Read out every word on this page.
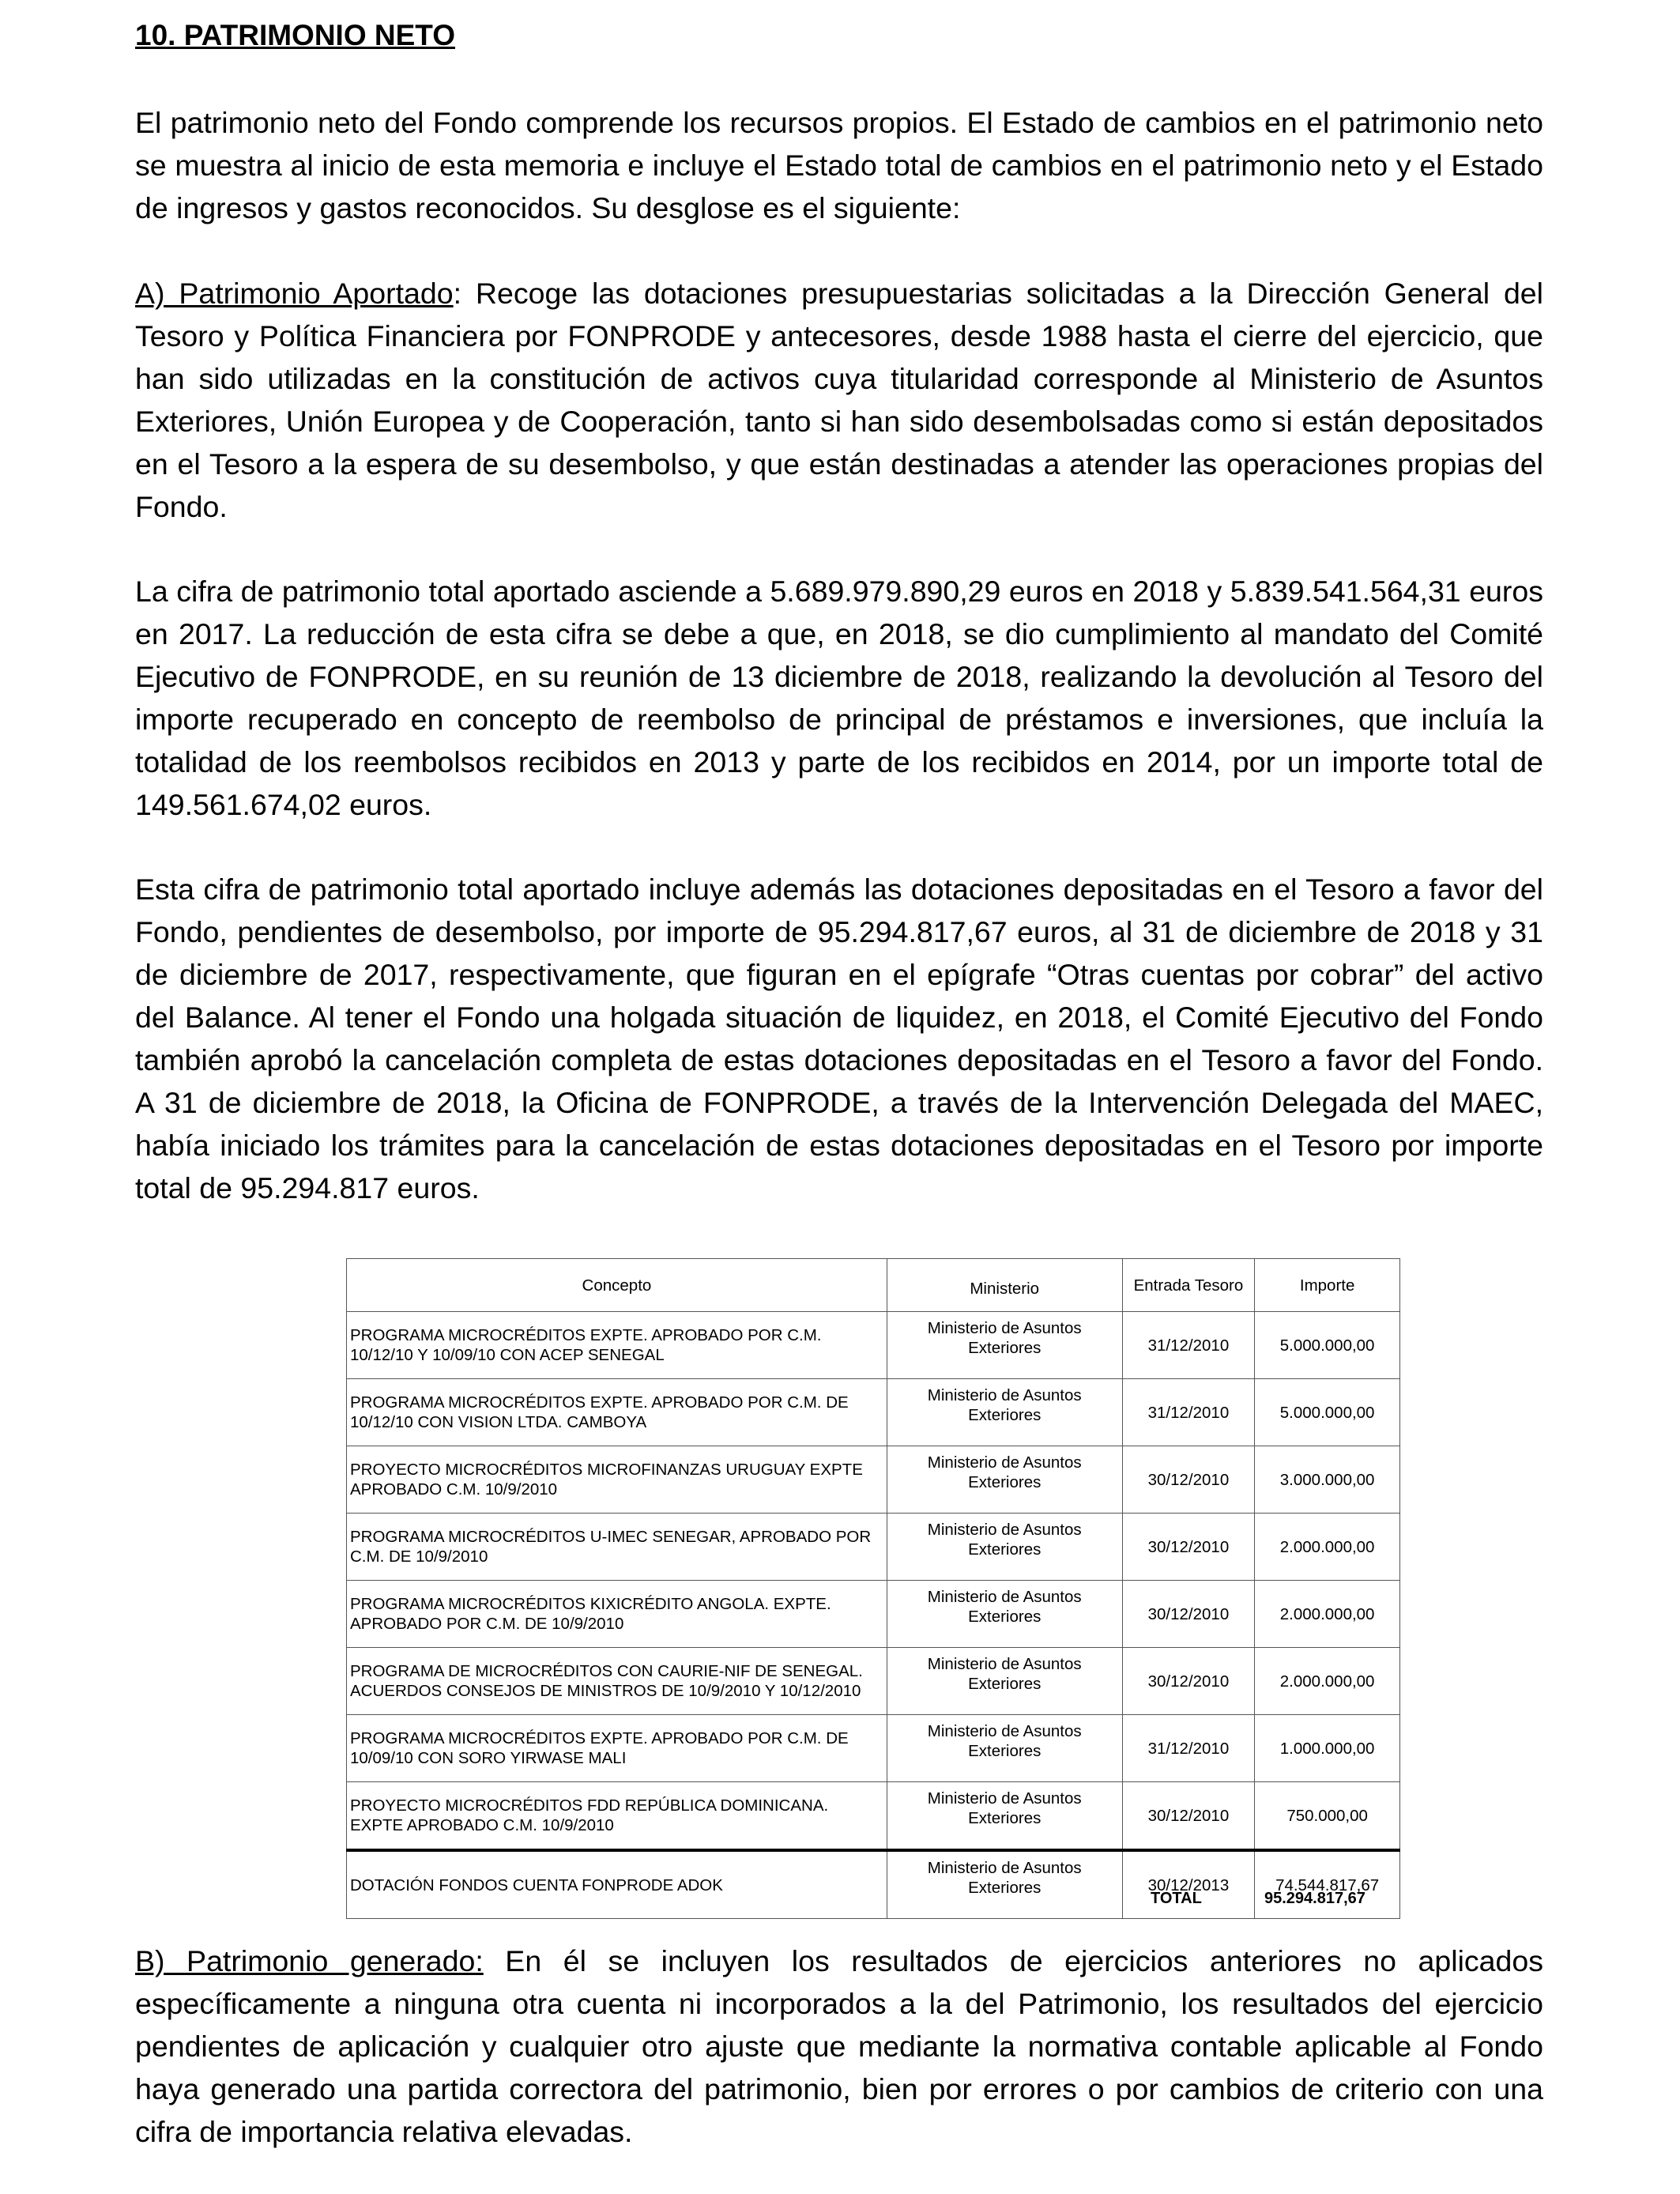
10. PATRIMONIO NETO

El patrimonio neto del Fondo comprende los recursos propios. El Estado de cambios en el patrimonio neto se muestra al inicio de esta memoria e incluye el Estado total de cambios en el patrimonio neto y el Estado de ingresos y gastos reconocidos. Su desglose es el siguiente:

A) Patrimonio Aportado: Recoge las dotaciones presupuestarias solicitadas a la Dirección General del Tesoro y Política Financiera por FONPRODE y antecesores, desde 1988 hasta el cierre del ejercicio, que han sido utilizadas en la constitución de activos cuya titularidad corresponde al Ministerio de Asuntos Exteriores, Unión Europea y de Cooperación, tanto si han sido desembolsadas como si están depositados en el Tesoro a la espera de su desembolso, y que están destinadas a atender las operaciones propias del Fondo.

La cifra de patrimonio total aportado asciende a 5.689.979.890,29 euros en 2018 y 5.839.541.564,31 euros en 2017. La reducción de esta cifra se debe a que, en 2018, se dio cumplimiento al mandato del Comité Ejecutivo de FONPRODE, en su reunión de 13 diciembre de 2018, realizando la devolución al Tesoro del importe recuperado en concepto de reembolso de principal de préstamos e inversiones, que incluía la totalidad de los reembolsos recibidos en 2013 y parte de los recibidos en 2014, por un importe total de 149.561.674,02 euros.

Esta cifra de patrimonio total aportado incluye además las dotaciones depositadas en el Tesoro a favor del Fondo, pendientes de desembolso, por importe de 95.294.817,67 euros, al 31 de diciembre de 2018 y 31 de diciembre de 2017, respectivamente, que figuran en el epígrafe “Otras cuentas por cobrar” del activo del Balance. Al tener el Fondo una holgada situación de liquidez, en 2018, el Comité Ejecutivo del Fondo también aprobó la cancelación completa de estas dotaciones depositadas en el Tesoro a favor del Fondo. A 31 de diciembre de 2018, la Oficina de FONPRODE, a través de la Intervención Delegada del MAEC, había iniciado los trámites para la cancelación de estas dotaciones depositadas en el Tesoro por importe total de 95.294.817 euros.

Concepto	Ministerio	Entrada Tesoro	Importe
PROGRAMA MICROCRÉDITOS EXPTE. APROBADO POR C.M. 10/12/10 Y 10/09/10 CON ACEP SENEGAL	Ministerio de Asuntos Exteriores	31/12/2010	5.000.000,00
PROGRAMA MICROCRÉDITOS EXPTE. APROBADO POR C.M. DE 10/12/10 CON VISION LTDA. CAMBOYA	Ministerio de Asuntos Exteriores	31/12/2010	5.000.000,00
PROYECTO MICROCRÉDITOS MICROFINANZAS URUGUAY EXPTE APROBADO C.M. 10/9/2010	Ministerio de Asuntos Exteriores	30/12/2010	3.000.000,00
PROGRAMA MICROCRÉDITOS U-IMEC SENEGAR, APROBADO POR C.M. DE 10/9/2010	Ministerio de Asuntos Exteriores	30/12/2010	2.000.000,00
PROGRAMA MICROCRÉDITOS KIXICRÉDITO ANGOLA. EXPTE. APROBADO POR C.M. DE 10/9/2010	Ministerio de Asuntos Exteriores	30/12/2010	2.000.000,00
PROGRAMA DE MICROCRÉDITOS CON CAURIE-NIF DE SENEGAL. ACUERDOS CONSEJOS DE MINISTROS DE 10/9/2010 Y 10/12/2010	Ministerio de Asuntos Exteriores	30/12/2010	2.000.000,00
PROGRAMA MICROCRÉDITOS EXPTE. APROBADO POR C.M. DE 10/09/10 CON SORO YIRWASE MALI	Ministerio de Asuntos Exteriores	31/12/2010	1.000.000,00
PROYECTO MICROCRÉDITOS FDD REPÚBLICA DOMINICANA. EXPTE APROBADO C.M. 10/9/2010	Ministerio de Asuntos Exteriores	30/12/2010	750.000,00
DOTACIÓN FONDOS CUENTA FONPRODE ADOK	Ministerio de Asuntos Exteriores	30/12/2013	74.544.817,67
TOTAL	95.294.817,67

B) Patrimonio generado: En él se incluyen los resultados de ejercicios anteriores no aplicados específicamente a ninguna otra cuenta ni incorporados a la del Patrimonio, los resultados del ejercicio pendientes de aplicación y cualquier otro ajuste que mediante la normativa contable aplicable al Fondo haya generado una partida correctora del patrimonio, bien por errores o por cambios de criterio con una cifra de importancia relativa elevadas.
